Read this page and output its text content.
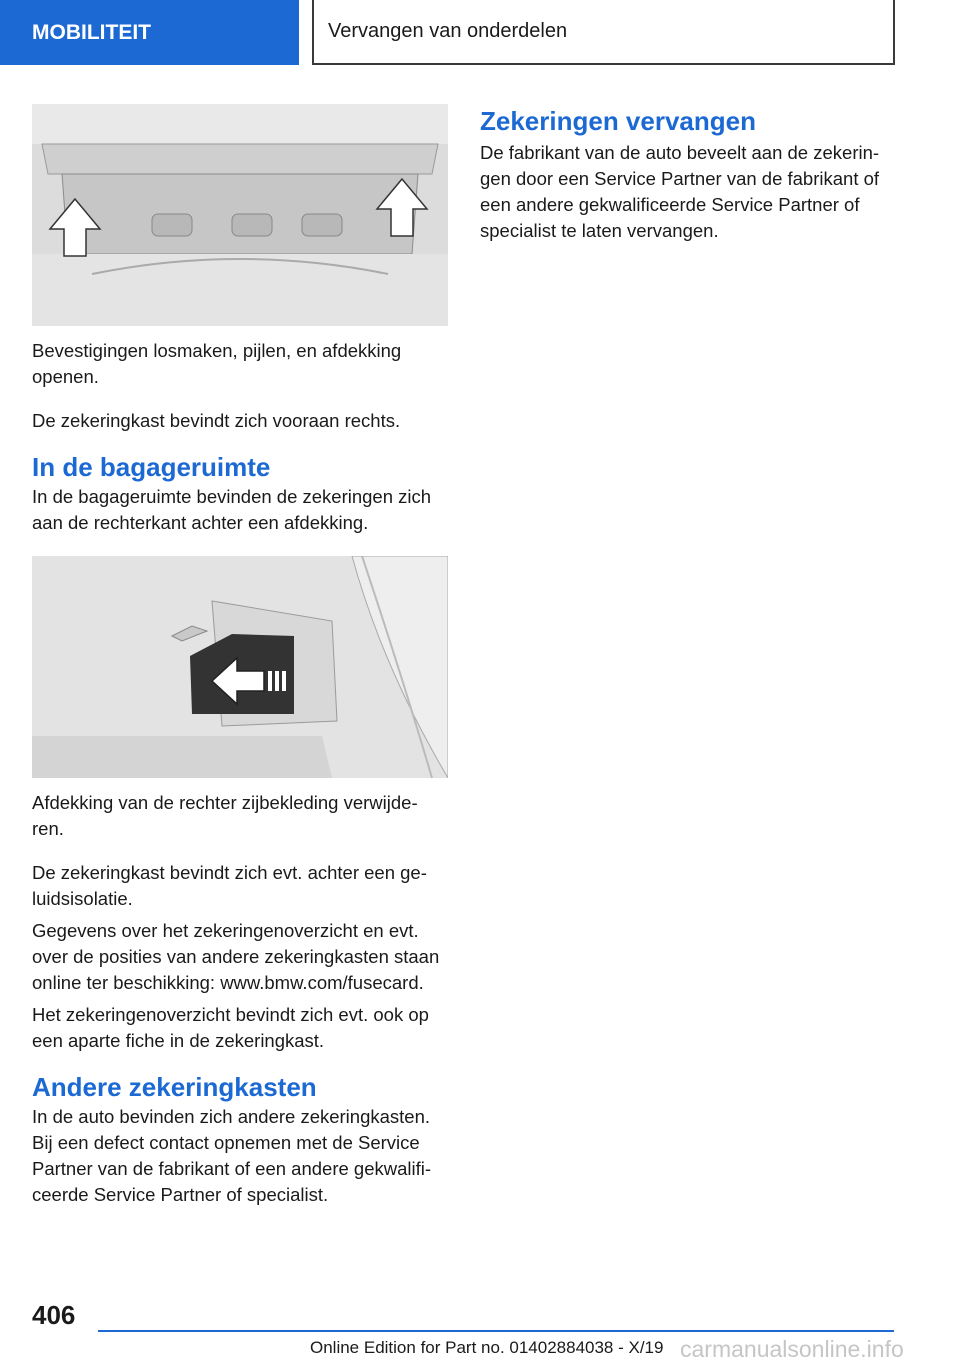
MOBILITEIT	Vervangen van onderdelen

Bevestigingen losmaken, pijlen, en afdekking openen.

De zekeringkast bevindt zich vooraan rechts.

In de bagageruimte

In de bagageruimte bevinden de zekeringen zich aan de rechterkant achter een afdekking.

Afdekking van de rechter zijbekleding verwijde-ren.

De zekeringkast bevindt zich evt. achter een ge-luidsisolatie.

Gegevens over het zekeringenoverzicht en evt. over de posities van andere zekeringkasten staan online ter beschikking: www.bmw.com/fusecard.

Het zekeringenoverzicht bevindt zich evt. ook op een aparte fiche in de zekeringkast.

Andere zekeringkasten

In de auto bevinden zich andere zekeringkasten. Bij een defect contact opnemen met de Service Partner van de fabrikant of een andere gekwalifi-ceerde Service Partner of specialist.

Zekeringen vervangen

De fabrikant van de auto beveelt aan de zekerin-gen door een Service Partner van de fabrikant of een andere gekwalificeerde Service Partner of specialist te laten vervangen.

406
Online Edition for Part no. 01402884038 - X/19 carmanualsonline.info
